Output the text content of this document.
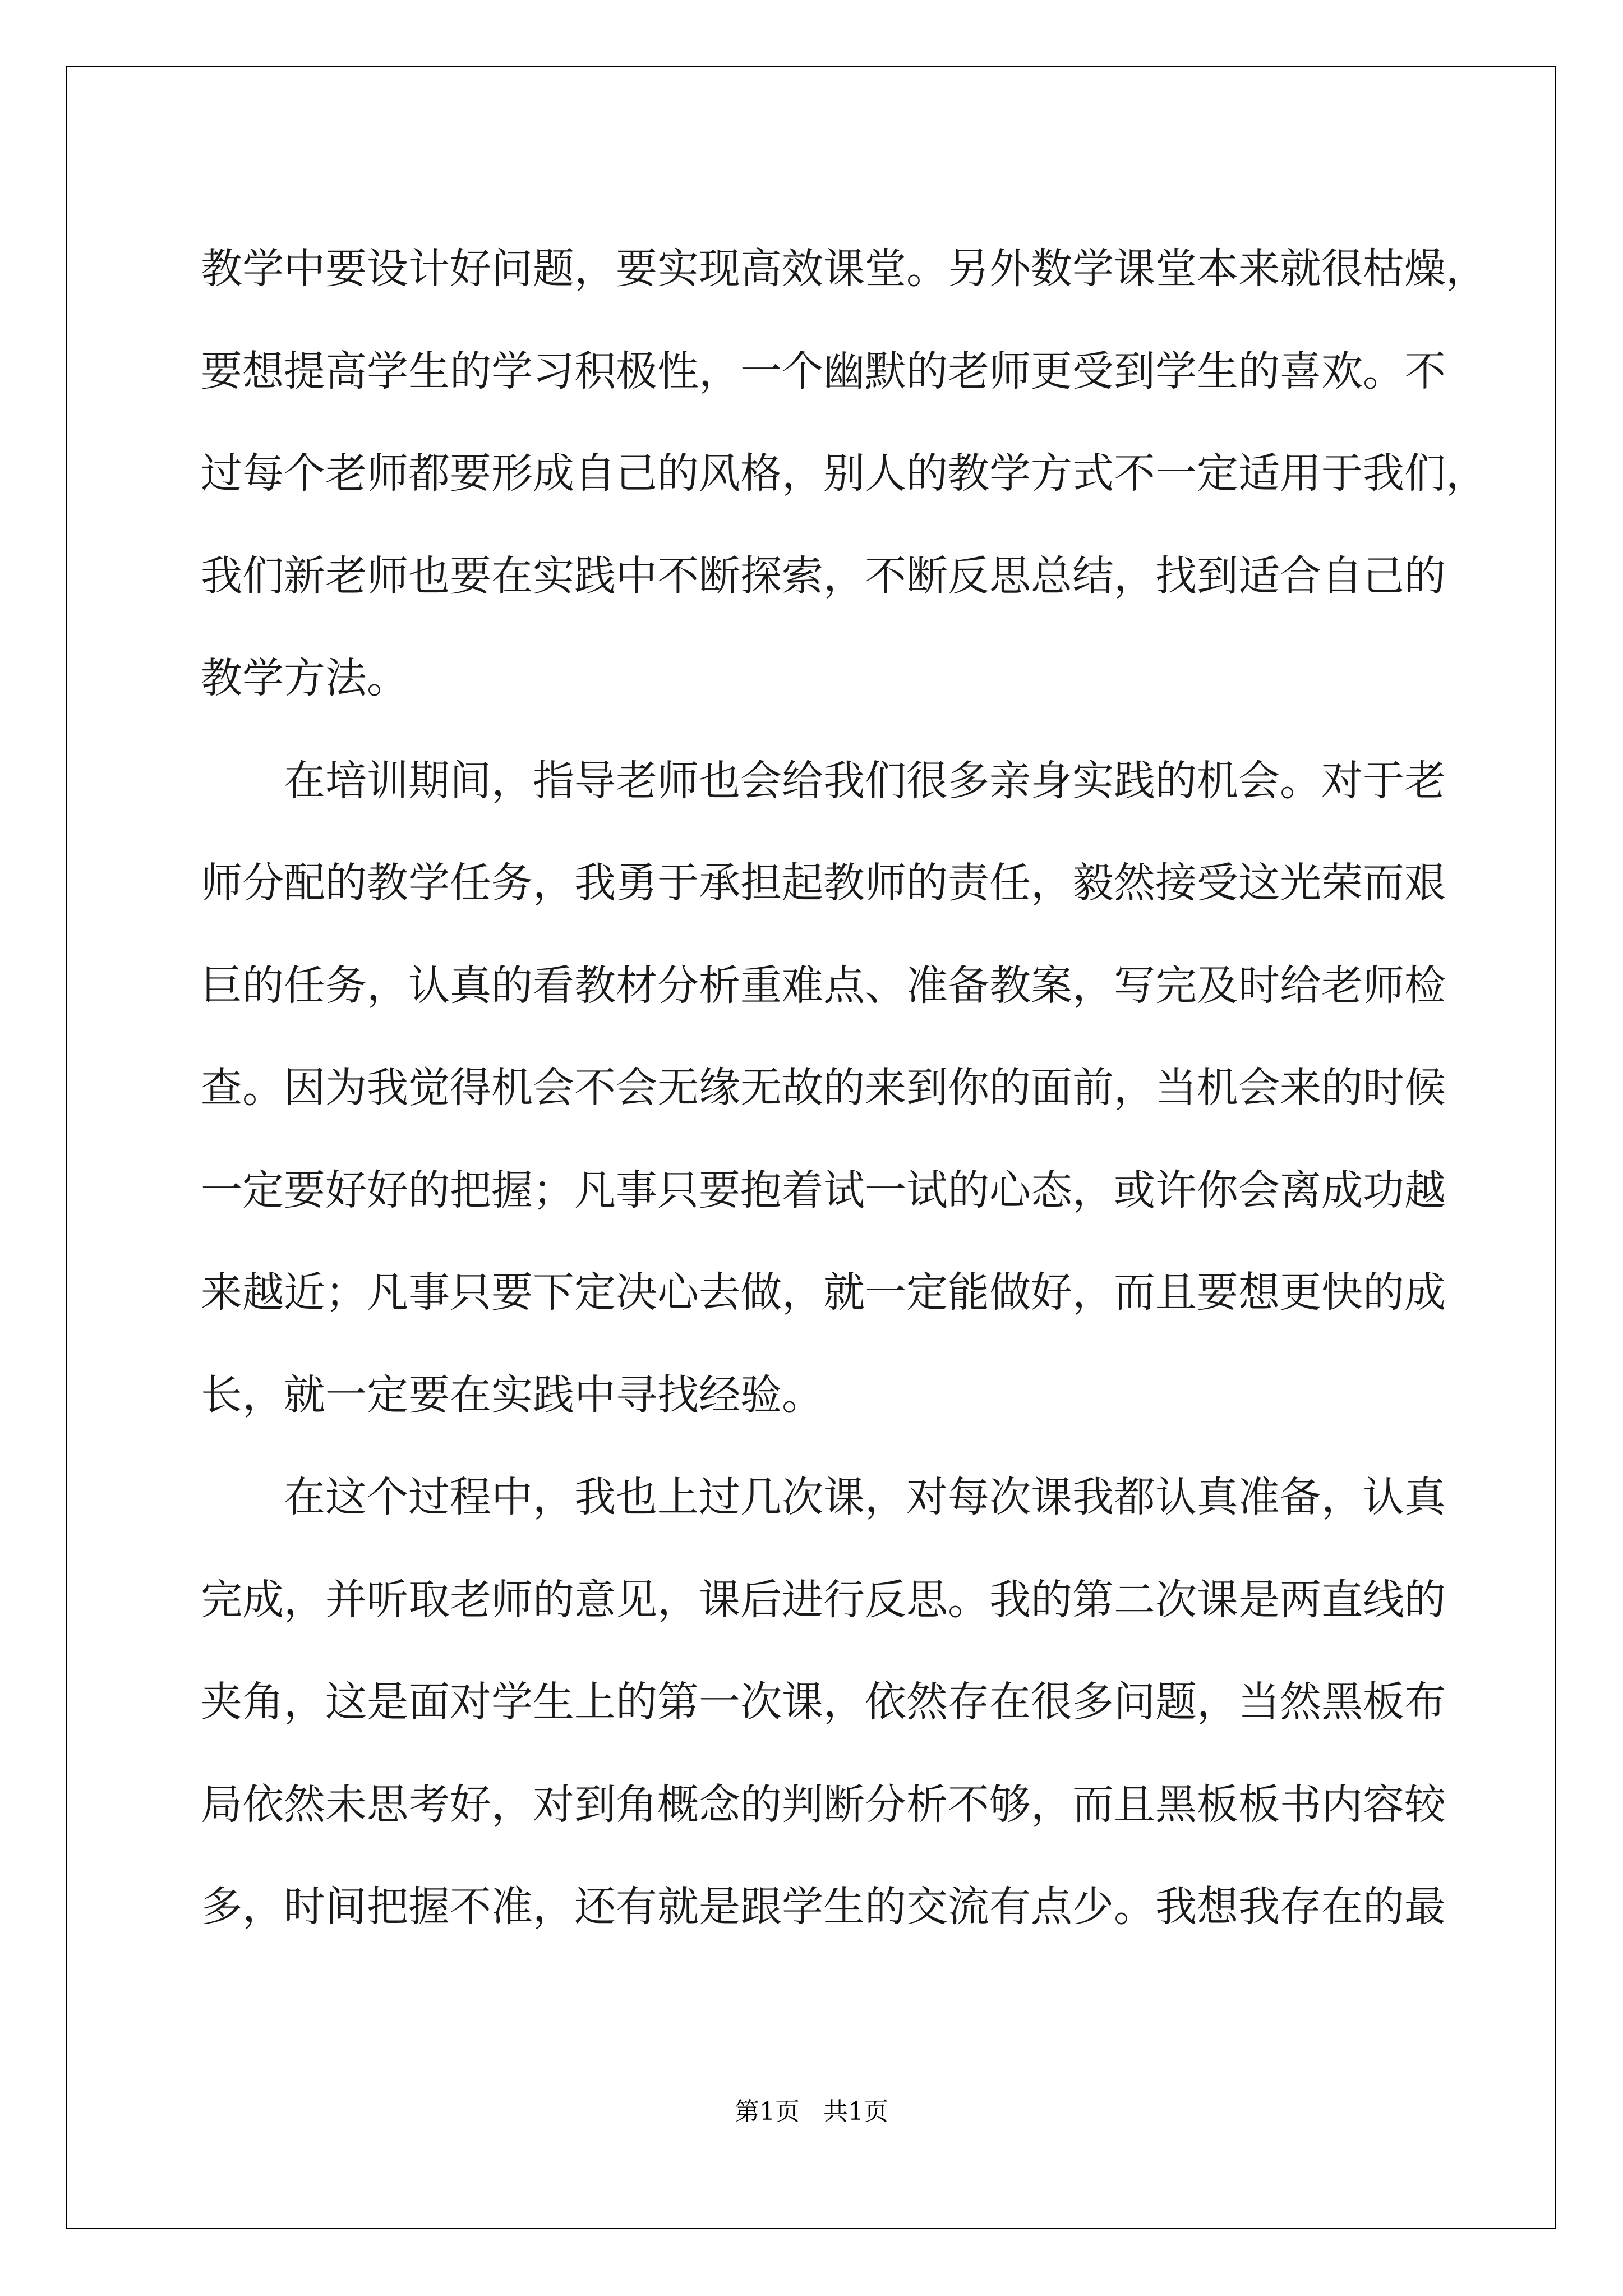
教 学 中 要 设 计 好 问 题 ， 要 实 现 高 效 课 堂 。 另 外 数 学 课 堂 本 来 就 很 枯 燥 ，
要 想 提 高 学 生 的 学 习 积 极 性 ， 一 个 幽 默 的 老 师 更 受 到 学 生 的 喜 欢 。 不
过 每 个 老 师 都 要 形 成 自 己 的 风 格 ， 别 人 的 教 学 方 式 不 一 定 适 用 于 我 们 ，
我 们 新 老 师 也 要 在 实 践 中 不 断 探 索 ， 不 断 反 思 总 结 ， 找 到 适 合 自 己 的
教学方法。
在 培 训 期 间 ， 指 导 老 师 也 会 给 我 们 很 多 亲 身 实 践 的 机 会 。 对 于 老
师 分 配 的 教 学 任 务 ， 我 勇 于 承 担 起 教 师 的 责 任 ， 毅 然 接 受 这 光 荣 而 艰
巨 的 任 务 ， 认 真 的 看 教 材 分 析 重 难 点 、 准 备 教 案 ， 写 完 及 时 给 老 师 检
查 。 因 为 我 觉 得 机 会 不 会 无 缘 无 故 的 来 到 你 的 面 前 ， 当 机 会 来 的 时 候
一 定 要 好 好 的 把 握 ； 凡 事 只 要 抱 着 试 一 试 的 心 态 ， 或 许 你 会 离 成 功 越
来 越 近 ； 凡 事 只 要 下 定 决 心 去 做 ， 就 一 定 能 做 好 ， 而 且 要 想 更 快 的 成
长，就一定要在实践中寻找经验。
在 这 个 过 程 中 ， 我 也 上 过 几 次 课 ， 对 每 次 课 我 都 认 真 准 备 ， 认 真
完 成 ， 并 听 取 老 师 的 意 见 ， 课 后 进 行 反 思 。 我 的 第 二 次 课 是 两 直 线 的
夹 角 ， 这 是 面 对 学 生 上 的 第 一 次 课 ， 依 然 存 在 很 多 问 题 ， 当 然 黑 板 布
局 依 然 未 思 考 好 ， 对 到 角 概 念 的 判 断 分 析 不 够 ， 而 且 黑 板 板 书 内 容 较
多，时间把握不准，还有就是跟学生的交流有点少。我想我存在的最
第1页   共1页
